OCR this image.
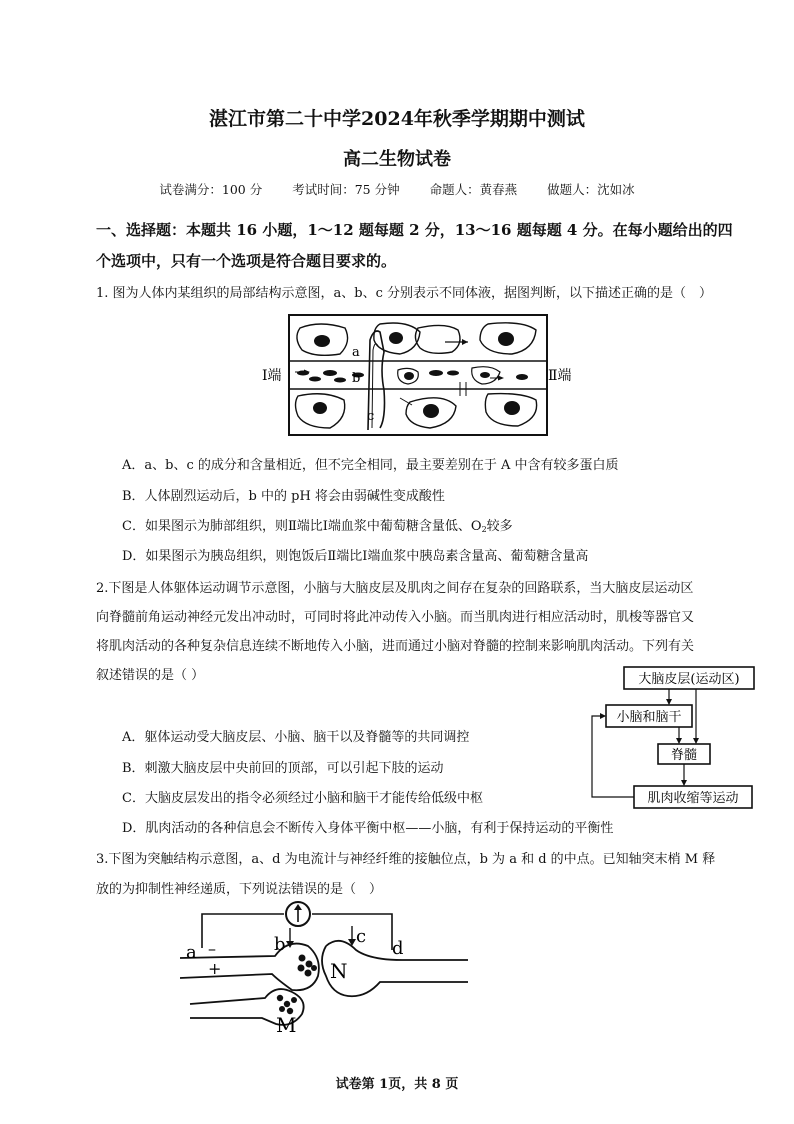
湛江市第二十中学2024年秋季学期期中测试
高二生物试卷
试卷满分：100 分 考试时间：75 分钟 命题人：黄春燕 做题人：沈如冰
一、选择题：本题共 16 小题，1～12 题每题 2 分，13～16 题每题 4 分。在每小题给出的四
个选项中，只有一个选项是符合题目要求的。
1. 图为人体内某组织的局部结构示意图，a、b、c 分别表示不同体液，据图判断，以下描述正确的是（　）
a
b
c
Ⅰ端	Ⅱ端
A．a、b、c 的成分和含量相近，但不完全相同，最主要差别在于 A 中含有较多蛋白质
B．人体剧烈运动后，b 中的 pH 将会由弱碱性变成酸性
C．如果图示为肺部组织，则Ⅱ端比Ⅰ端血浆中葡萄糖含量低、$O_2$较多
D．如果图示为胰岛组织，则饱饭后Ⅱ端比Ⅰ端血浆中胰岛素含量高、葡萄糖含量高
2.下图是人体躯体运动调节示意图，小脑与大脑皮层及肌肉之间存在复杂的回路联系，当大脑皮层运动区
向脊髓前角运动神经元发出冲动时，可同时将此冲动传入小脑。而当肌肉进行相应活动时，肌梭等器官又
将肌肉活动的各种复杂信息连续不断地传入小脑，进而通过小脑对脊髓的控制来影响肌肉活动。下列有关
叙述错误的是（ ）	大脑皮层(运动区)
小脑和脑干
脊髓
肌肉收缩等运动
A．躯体运动受大脑皮层、小脑、脑干以及脊髓等的共同调控
B．刺激大脑皮层中央前回的顶部，可以引起下肢的运动
C．大脑皮层发出的指令必须经过小脑和脑干才能传给低级中枢
D．肌肉活动的各种信息会不断传入身体平衡中枢——小脑，有利于保持运动的平衡性
3.下图为突触结构示意图，a、d 为电流计与神经纤维的接触位点，b 为 a 和 d 的中点。已知轴突末梢 M 释
放的为抑制性神经递质，下列说法错误的是（　）
a –
+
b	c
d
N
M
试卷第 1页，共 8 页
